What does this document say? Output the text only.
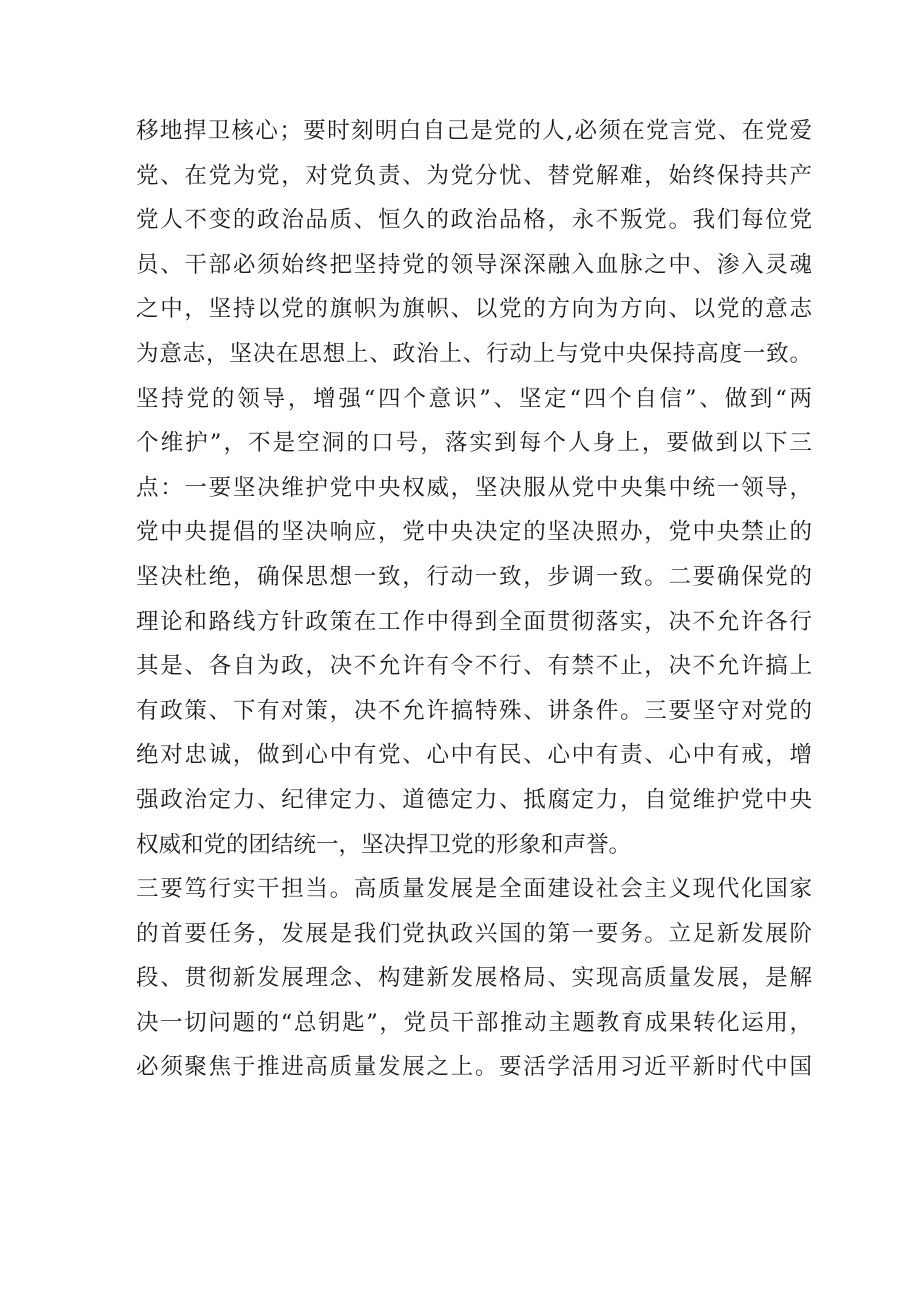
移地捍卫核心；要时刻明白自己是党的人,必须在党言党、在党爱
党、在党为党，对党负责、为党分忧、替党解难，始终保持共产
党人不变的政治品质、恒久的政治品格，永不叛党。我们每位党
员、干部必须始终把坚持党的领导深深融入血脉之中、渗入灵魂
之中，坚持以党的旗帜为旗帜、以党的方向为方向、以党的意志
为意志，坚决在思想上、政治上、行动上与党中央保持高度一致。
坚持党的领导，增强“四个意识”、坚定“四个自信”、做到“两
个维护”，不是空洞的口号，落实到每个人身上，要做到以下三
点：一要坚决维护党中央权威，坚决服从党中央集中统一领导，
党中央提倡的坚决响应，党中央决定的坚决照办，党中央禁止的
坚决杜绝，确保思想一致，行动一致，步调一致。二要确保党的
理论和路线方针政策在工作中得到全面贯彻落实，决不允许各行
其是、各自为政，决不允许有令不行、有禁不止，决不允许搞上
有政策、下有对策，决不允许搞特殊、讲条件。三要坚守对党的
绝对忠诚，做到心中有党、心中有民、心中有责、心中有戒，增
强政治定力、纪律定力、道德定力、抵腐定力，自觉维护党中央
权威和党的团结统一，坚决捍卫党的形象和声誉。
三要笃行实干担当。高质量发展是全面建设社会主义现代化国家
的首要任务，发展是我们党执政兴国的第一要务。立足新发展阶
段、贯彻新发展理念、构建新发展格局、实现高质量发展，是解
决一切问题的“总钥匙”，党员干部推动主题教育成果转化运用，
必须聚焦于推进高质量发展之上。要活学活用习近平新时代中国
